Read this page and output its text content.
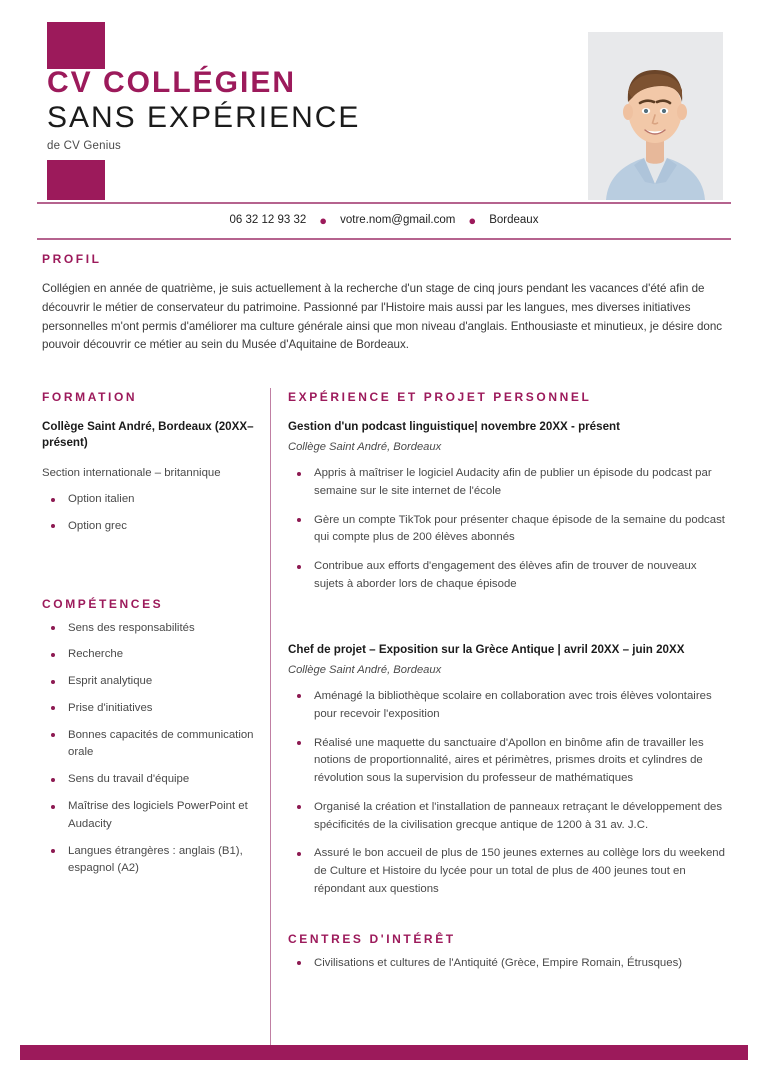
CV COLLÉGIEN
SANS EXPÉRIENCE
de CV Genius
06 32 12 93 32 ● votre.nom@gmail.com ● Bordeaux
PROFIL
Collégien en année de quatrième, je suis actuellement à la recherche d'un stage de cinq jours pendant les vacances d'été afin de découvrir le métier de conservateur du patrimoine. Passionné par l'Histoire mais aussi par les langues, mes diverses initiatives personnelles m'ont permis d'améliorer ma culture générale ainsi que mon niveau d'anglais. Enthousiaste et minutieux, je désire donc pouvoir découvrir ce métier au sein du Musée d'Aquitaine de Bordeaux.
FORMATION
Collège Saint André, Bordeaux (20XX–présent)
Section internationale – britannique
Option italien
Option grec
COMPÉTENCES
Sens des responsabilités
Recherche
Esprit analytique
Prise d'initiatives
Bonnes capacités de communication orale
Sens du travail d'équipe
Maîtrise des logiciels PowerPoint et Audacity
Langues étrangères : anglais (B1), espagnol (A2)
EXPÉRIENCE ET PROJET PERSONNEL
Gestion d'un podcast linguistique| novembre 20XX - présent
Collège Saint André, Bordeaux
Appris à maîtriser le logiciel Audacity afin de publier un épisode du podcast par semaine sur le site internet de l'école
Gère un compte TikTok pour présenter chaque épisode de la semaine du podcast qui compte plus de 200 élèves abonnés
Contribue aux efforts d'engagement des élèves afin de trouver de nouveaux sujets à aborder lors de chaque épisode
Chef de projet – Exposition sur la Grèce Antique | avril 20XX – juin 20XX
Collège Saint André, Bordeaux
Aménagé la bibliothèque scolaire en collaboration avec trois élèves volontaires pour recevoir l'exposition
Réalisé une maquette du sanctuaire d'Apollon en binôme afin de travailler les notions de proportionnalité, aires et périmètres, prismes droits et cylindres de révolution sous la supervision du professeur de mathématiques
Organisé la création et l'installation de panneaux retraçant le développement des spécificités de la civilisation grecque antique de 1200 à 31 av. J.C.
Assuré le bon accueil de plus de 150 jeunes externes au collège lors du weekend de Culture et Histoire du lycée pour un total de plus de 400 jeunes tout en répondant aux questions
CENTRES D'INTÉRÊT
Civilisations et cultures de l'Antiquité (Grèce, Empire Romain, Étrusques)
